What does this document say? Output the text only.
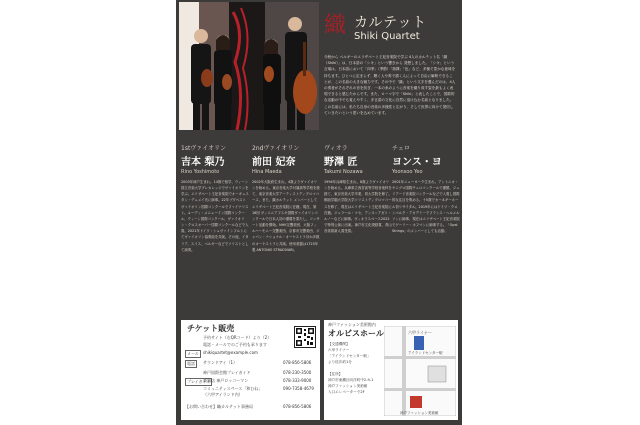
織 カルテット
Shiki Quartet
今秋から ベルギーのエリザベート王妃音楽院で学ぶ 4人のカルテット名「織（Shiki）」は、日本語の「シキ」という響きから 発想しました。「シキ」という言葉は、日本語において「四季」（季節）「指揮」「色」など、多様で豊かな意味を持ちます。ひとつに定まらず、聴く人や奏で描く人によって自由に解釈できることが、この名前の大きな魅力です。その中で「織」という文字を選んだのは、4人の奏者がそれぞれの音を紡ぎ、一本の糸のように音楽を織り成す姿を最もよく表現できると感じたからです。また、ローマ字で「Shiki」と表したことで、国際的な活動の中でも覚えやすく、多言語の文化に自然に溶け込む名前となりました。この名前には、私たち自身の音楽の多様性と広がり、そして世界に向けて発信していきたいという思いを込めています。
1stヴァイオリン
吉本 梨乃
Rino Yoshimoto
2003年神戸生まれ。14歳で留学、ウィーン国立音楽大学プレカレッジでヴァイオリンを学ぶ。エリザベート王妃音楽院でオーギュスタン・デュメイ氏に師事。22年ブダペストヴァイオリン国際コンクールでファイナリスト。ユーディ・メニューイン国際コンクール、ウィーン国際コンクール、ヴァイオリン・クロスオーバー国際コンクールなどで入賞。2021年ドイツ・シュヴァインフルトにてヴァイオリン協奏曲を共演。その他、イタリア、スイス、ベルギーなどでソリストとして演奏。
2ndヴァイオリン
前田 妃奈
Hina Maeda
2002年大阪府生まれ。4歳よりヴァイオリンを始める。東京音楽大学付属高等学校を経て、東京音楽大学アーティストディプロマコース、また、織カルテット メンバーとしてエリザベート王妃音楽院に在籍。現在、第16回 ヴィエニアフスキ国際ヴァイオリンコンクールで日本人初の優勝を果たし、コンサート活動を開始。NHK交響楽団、大阪フィルハーモニー交響楽団、京都市交響楽団、ジャパン・ナショナル・オーケストラほか多数のオーケストラと共演。使用楽器は1725年製 ANTONIO STRADIVARI。
ヴィオラ
野澤 匠
Takumi Nozawa
1994年兵庫県生まれ。8歳よりヴァイオリンを始める。兵庫県立西宮高等学校音楽科を経て、東京音楽大学卒業、同大学院を修了。桐朋学園大学院大学ソリストディプロマコースを修了、現在はエリザベート王妃音楽院に在籍。ジェラール・コセ、アンヌ＝アガト・ルノーなどに師事。ヴィオラスペース2022で特別公演に出演。神戸市文化奨励賞、青山音楽賞新人賞受賞。
チェロ
ヨンス・ヨ
Yoonsoo Yeo
2001年ニューヨーク生まれ。アントニオ・ヤニグロ国際チェロコンクールで優勝、ジュリアード音楽院コンクールなどで入賞し国際的な注目を集める。十5歳でカーネギーホール初リサイタル。2019年にはドイツ・クロンベルク・アカデミーでフランス・ヘルメルソンに師事、現在はエリザベート王妃音楽院でゲーリー・ホフマンに師事する。「Opal Strings」のメンバーとしても活動。
チケット販売
予約サイト（右QRコード）より（2）
電話・メールでのご予約も承ります
メール	shikiquartet@example.com
電話	サウンドアイ（1）	078-856-5806
神戸国際会館プレイガイド	078-230-3500
プレイガイド
楽器店 神戸ロッコーマン	078-333-9000
コミュニティスペース「和むね」	090-7358-4679
（六甲アイランド内）
【お問い合わせ】織カルテット事務局	078-856-5806
神戸ファッション美術館内
オルビスホール	六甲ライナー
アイランドセンター駅
神戸ファッション美術館
【交通機関】
六甲ライナー
「アイランドセンター駅」
より徒歩約1分
【住所】
神戸市東灘区向洋町中2-9-1
神戸ファッション美術館
入口エレベーターで2F
